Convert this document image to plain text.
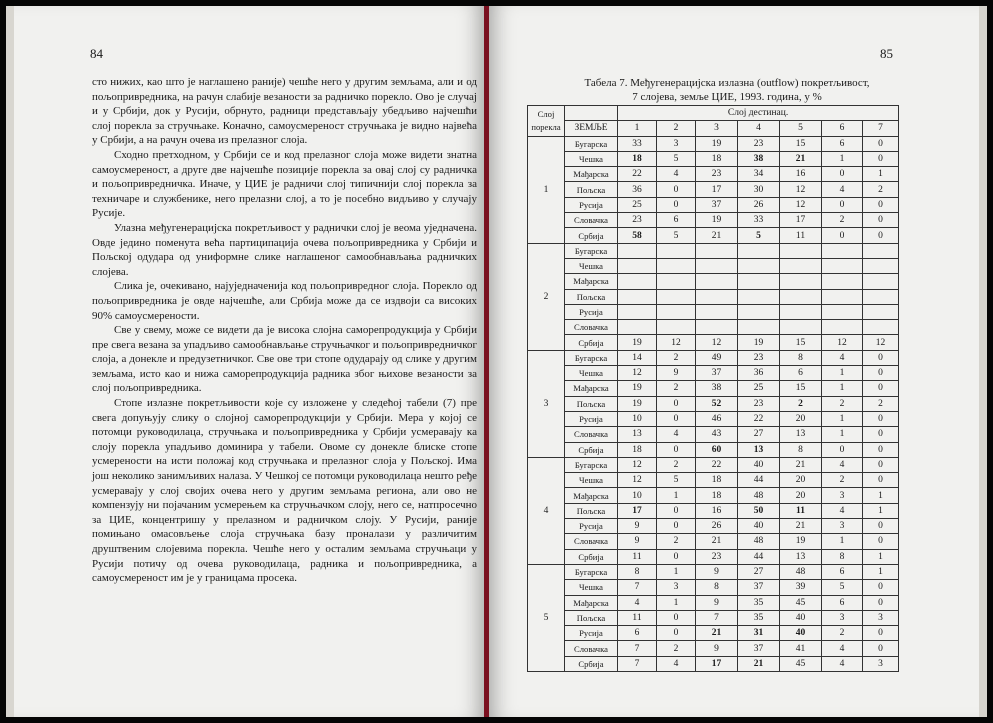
84

сто нижих, као што је наглашено раније) чешће него у другим земљама, али и од пољопривредника, на рачун слабије везаности за радничко порекло. Ово је случај и у Србији, док у Русији, обрнуто, радници представљају убедљиво најчешћи слој порекла за стручњаке. Коначно, самоусмереност стручњака је видно највећа у Србији, а на рачун очева из прелазног слоја.

Сходно претходном, у Србији се и код прелазног слоја може видети знатна самоусмереност, а друге две најчешће позиције порекла за овај слој су радничка и пољопривредничка. Иначе, у ЦИЕ је радничи слој типичнији слој порекла за техничаре и службенике, него прелазни слој, а то је посебно видљиво у случају Русије.

Улазна међугенерацијска покретљивост у раднички слој је веома уједначена. Овде једино поменута већа партиципација очева пољопривредника у Србији и Пољској одудара од униформне слике наглашеног самообнављања радничких слојева.

Слика је, очекивано, најуједначенија код пољопривредног слоја. Порекло од пољопривредника је овде најчешће, али Србија може да се издвоји са високих 90% самоусмерености.

Све у свему, може се видети да је висока слојна саморепродукција у Србији пре свега везана за упадљиво самообнављање стручњачког и пољопривредничког слоја, а донекле и предузетничког. Све ове три стопе одударају од слике у другим земљама, исто као и нижа саморепродукција радника због њихове везаности за слој пољопривредника.

Стопе излазне покретљивости које су изложене у следећој табели (7) пре свега допуњују слику о слојној саморепродукцији у Србији. Мера у којој се потомци руководилаца, стручњака и пољопривредника у Србији усмеравају ка слоју порекла упадљиво доминира у табели. Овоме су донекле блиске стопе усмерености на исти положај код стручњака и прелазног слоја у Пољској. Има још неколико занимљивих налаза. У Чешкој се потомци руководилаца нешто ређе усмеравају у слој својих очева него у другим земљама региона, али ово не компензују ни појачаним усмерењем ка стручњачком слоју, него се, натпросечно за ЦИЕ, концентришу у прелазном и радничком слоју. У Русији, раније помињано омасовљење слоја стручњака базу проналази у различитим друштвеним слојевима порекла. Чешће него у осталим земљама стручњаци у Русији потичу од очева руководилаца, радника и пољопривредника, а самоусмереност им је у границама просека.

85
Табела 7. Међугенерациjска излазна (outflow) покретљивост,
7 слојева, земље ЦИЕ, 1993. година, у %
Слој порекла		Слој дестинац.						
	ЗЕМЉЕ	1	2	3	4	5	6	7
1	Бугарска	33	3	19	23	15	6	0
	Чешка	18	5	18	38	21	1	0
	Мађарска	22	4	23	34	16	0	1
	Пољска	36	0	17	30	12	4	2
	Русија	25	0	37	26	12	0	0
	Словачка	23	6	19	33	17	2	0
	Србија	58	5	21	5	11	0	0
2	Бугарска							
	Чешка							
	Мађарска							
	Пољска							
	Русија							
	Словачка							
	Србија	19	12	12	19	15	12	12
3	Бугарска	14	2	49	23	8	4	0
	Чешка	12	9	37	36	6	1	0
	Мађарска	19	2	38	25	15	1	0
	Пољска	19	0	52	23	2	2	2
	Русија	10	0	46	22	20	1	0
	Словачка	13	4	43	27	13	1	0
	Србија	18	0	60	13	8	0	0
4	Бугарска	12	2	22	40	21	4	0
	Чешка	12	5	18	44	20	2	0
	Мађарска	10	1	18	48	20	3	1
	Пољска	17	0	16	50	11	4	1
	Русија	9	0	26	40	21	3	0
	Словачка	9	2	21	48	19	1	0
	Србија	11	0	23	44	13	8	1
5	Бугарска	8	1	9	27	48	6	1
	Чешка	7	3	8	37	39	5	0
	Мађарска	4	1	9	35	45	6	0
	Пољска	11	0	7	35	40	3	3
	Русија	6	0	21	31	40	2	0
	Словачка	7	2	9	37	41	4	0
	Србија	7	4	17	21	45	4	3
